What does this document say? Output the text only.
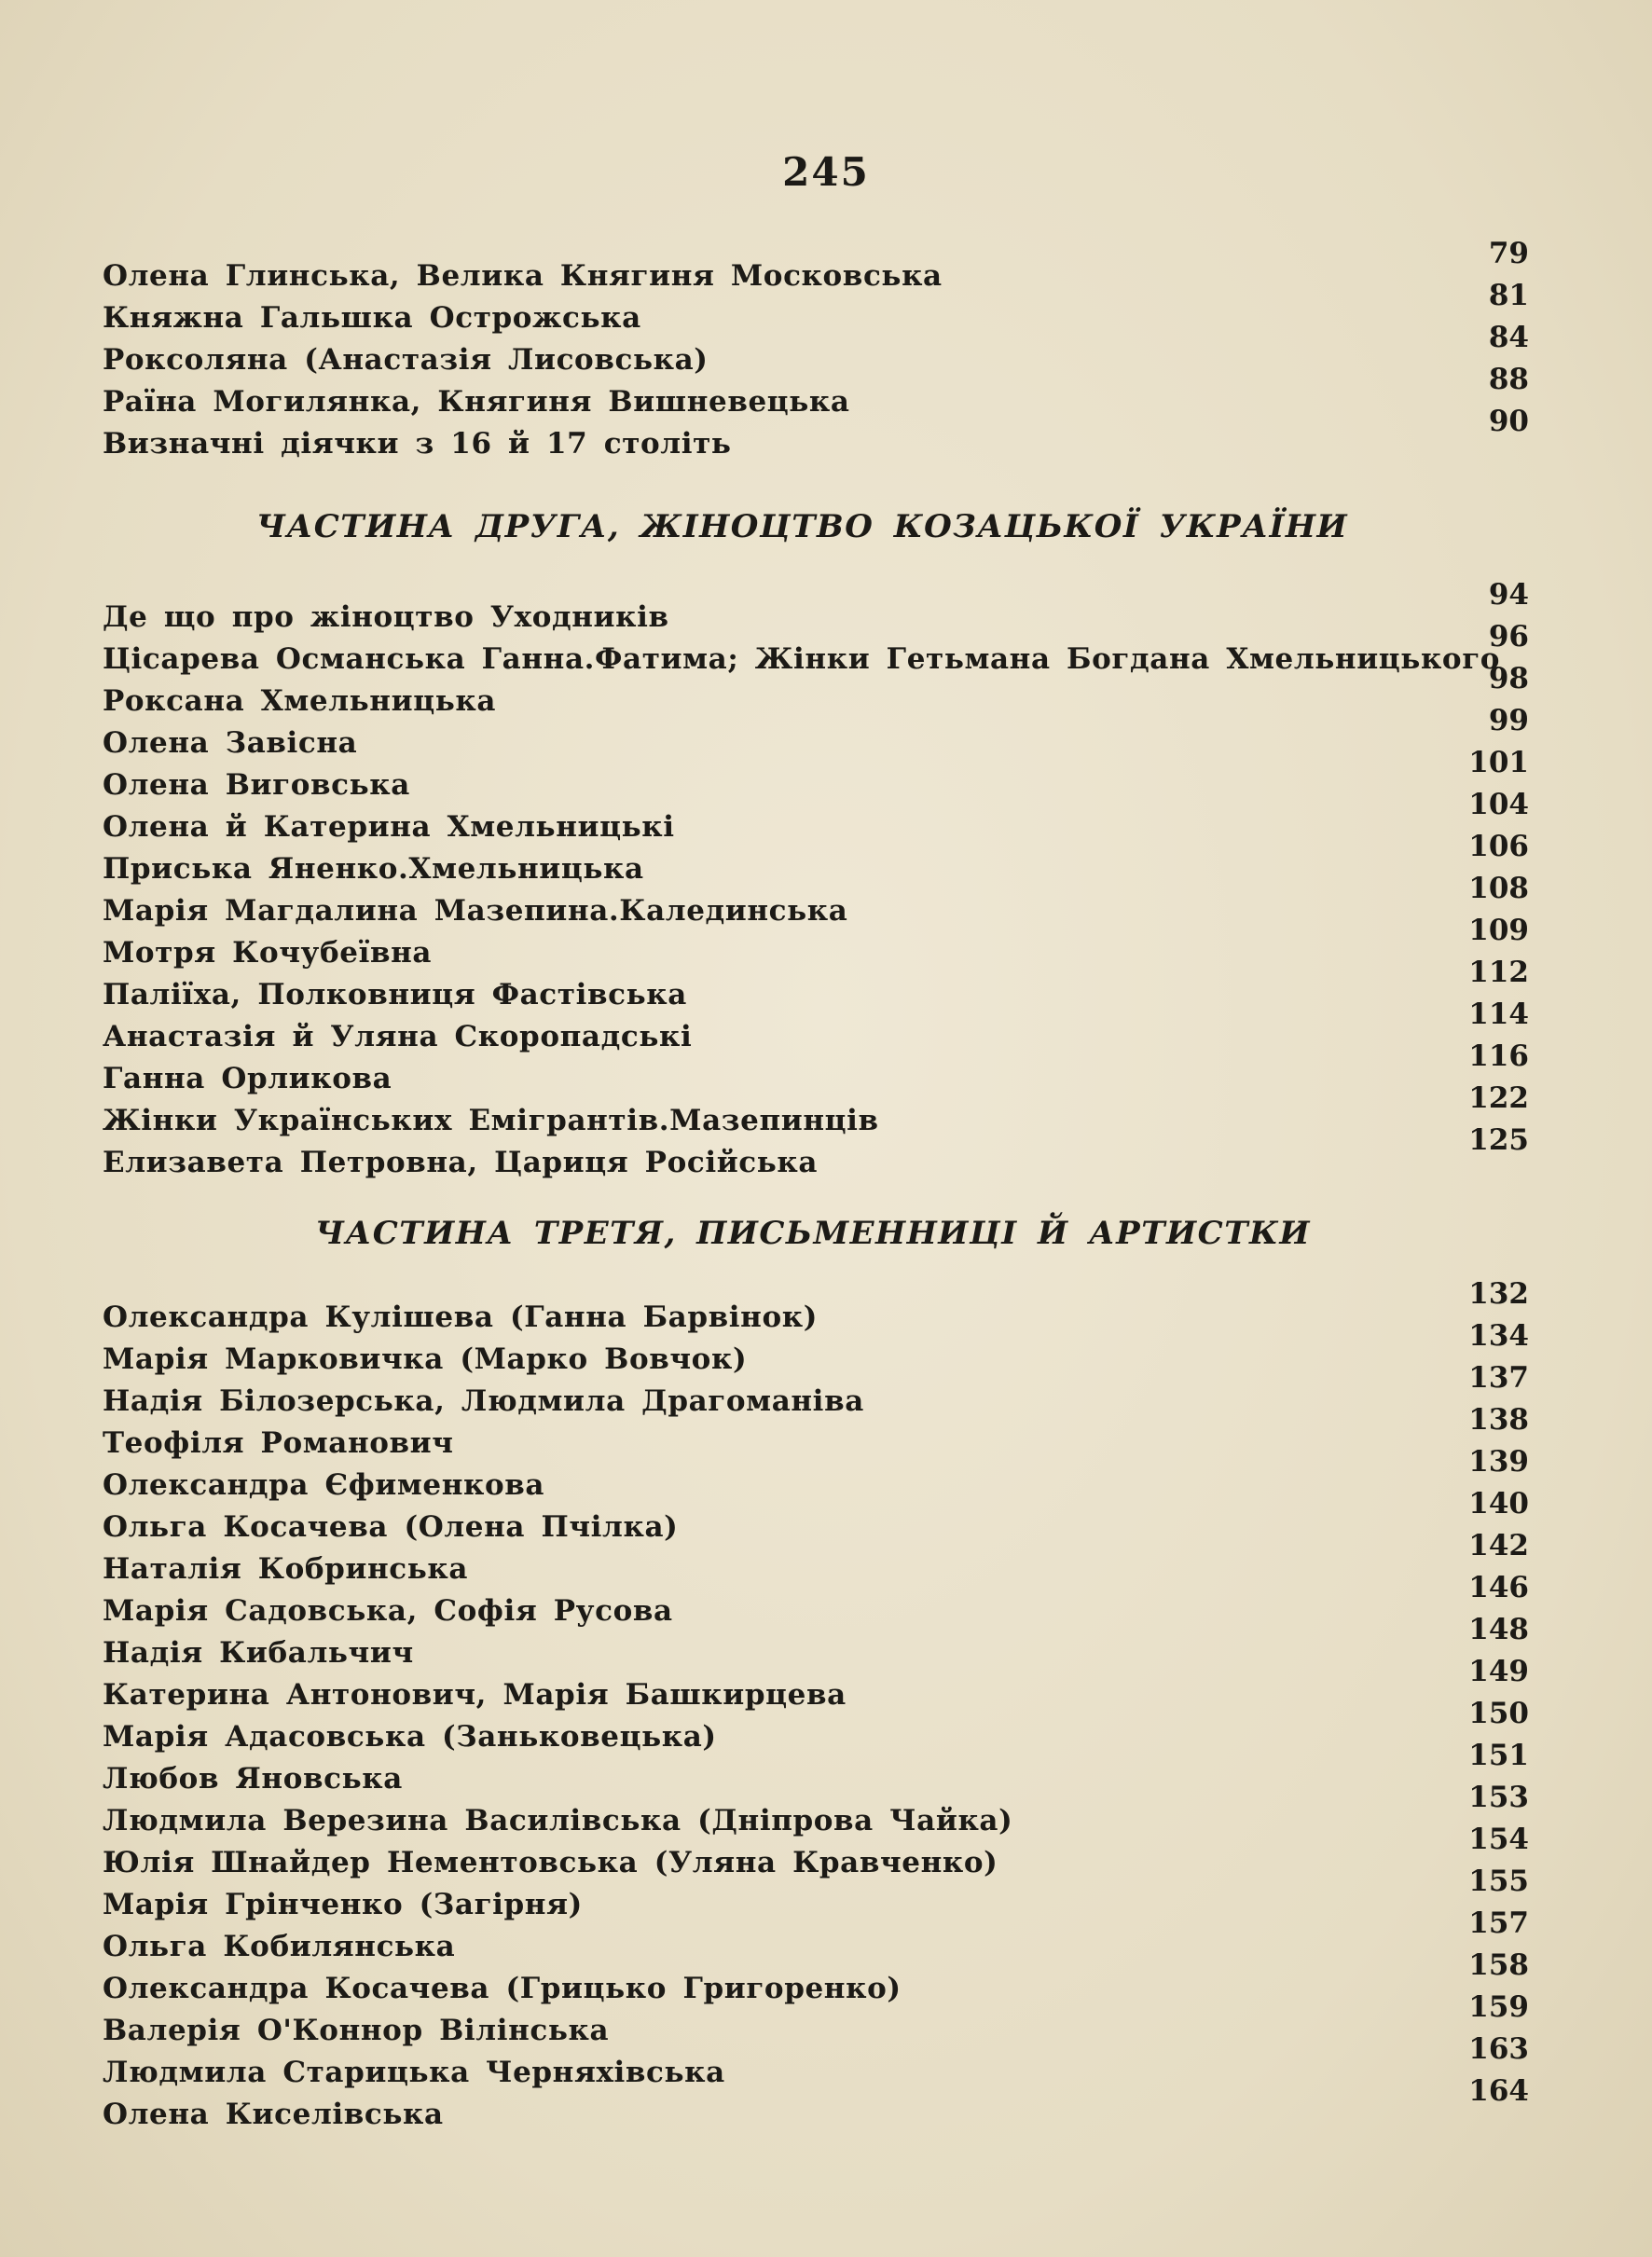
245
Олена Глинська, Велика Княгиня Московська
Княжна Гальшка Острожська
Роксоляна (Анастазія Лисовська)
Раїна Могилянка, Княгиня Вишневецька
Визначні діячки з 16 й 17 століть
79
81
84
88
90
ЧАСТИНА ДРУГА, ЖІНОЦТВО КОЗАЦЬКОЇ УКРАЇНИ
Де що про жіноцтво Уходників
Цісарева Османська Ганна.Фатима; Жінки Гетьмана Богдана Хмельницького
Роксана Хмельницька
Олена Завісна
Олена Виговська
Олена й Катерина Хмельницькі
Приська Яненко.Хмельницька
Марія Магдалина Мазепина.Калединська
Мотря Кочубеївна
Паліїха, Полковниця Фастівська
Анастазія й Уляна Скоропадські
Ганна Орликова
Жінки Українських Емігрантів.Мазепинців
Елизавета Петровна, Цариця Російська
94
96
98
99
101
104
106
108
109
112
114
116
122
125
ЧАСТИНА ТРЕТЯ, ПИСЬМЕННИЦІ Й АРТИСТКИ
Олександра Кулішева (Ганна Барвінок)
Марія Марковичка (Марко Вовчок)
Надія Білозерська, Людмила Драгоманіва
Теофіля Романович
Олександра Єфименкова
Ольга Косачева (Олена Пчілка)
Наталія Кобринська
Марія Садовська, Софія Русова
Надія Кибальчич
Катерина Антонович, Марія Башкирцева
Марія Адасовська (Заньковецька)
Любов Яновська
Людмила Верезина Василівська (Дніпрова Чайка)
Юлія Шнайдер Нементовська (Уляна Кравченко)
Марія Грінченко (Загірня)
Ольга Кобилянська
Олександра Косачева (Грицько Григоренко)
Валерія О'Коннор Вілінська
Людмила Старицька Черняхівська
Олена Киселівська
132
134
137
138
139
140
142
146
148
149
150
151
153
154
155
157
158
159
163
164
